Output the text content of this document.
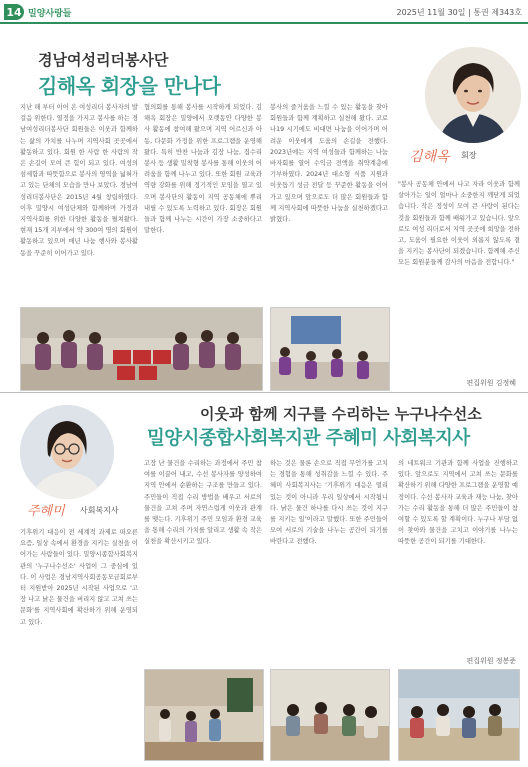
14 밀양사랑들	2025년 11월 30일 | 통권 제343호
경남여성리더봉사단
김해옥 회장을 만나다
김해옥 회장

지난 해 부터 이어 온 여성리더 봉사자의 발걸음 위한다. 열정을 가지고 봉사를 하는 경남여성리더봉사단 회원들은 이웃과 함께하는 삶의 가치를 나누며 지역사회 곳곳에서 활동하고 있다. 회원 한 사람 한 사람의 작은 손길이 모여 큰 힘이 되고 있다. 여성의 섬세함과 따뜻함으로 봉사의 영역을 넓혀가고 있는 단체의 모습을 만나 보았다. 경남여성리더봉사단은 2015년 4월 창립하였다. 이후 밀양시 여성단체와 함께하며 가정과 지역사회를 위한 다양한 활동을 펼쳐왔다. 현재 15개 지부에서 약 300여 명의 회원이 활동하고 있으며 매년 나눔 행사와 봉사활동을 꾸준히 이어가고 있다.

협의회를 통해 봉사를 시작하게 되었다. 김해옥 회장은 밀양에서 오랫동안 다양한 봉사 활동에 참여해 왔으며 지역 어르신과 아동, 다문화 가정을 위한 프로그램을 운영해 왔다. 특히 반찬 나눔과 김장 나눔, 집수리 봉사 등 생활 밀착형 봉사를 통해 이웃의 어려움을 함께 나누고 있다. 또한 회원 교육과 역량 강화를 위해 정기적인 모임을 열고 있으며 봉사단의 활동이 지역 공동체에 뿌리내릴 수 있도록 노력하고 있다. 회장은 회원들과 함께 나누는 시간이 가장 소중하다고 말한다.

봉사의 즐거움을 느낄 수 있는 활동을 찾아 회원들과 함께 계획하고 실천해 왔다. 코로나19 시기에도 비대면 나눔을 이어가며 어려운 이웃에게 도움의 손길을 전했다. 2023년에는 지역 여성들과 함께하는 나눔 바자회를 열어 수익금 전액을 취약계층에 기부하였다. 2024년 대소형 식품 지원과 이웃돕기 성금 전달 등 꾸준한 활동을 이어가고 있으며 앞으로도 더 많은 회원들과 함께 지역사회에 따뜻한 나눔을 실천하겠다고 밝혔다.

"봉사 공동체 안에서 나고 자라 이웃과 함께 살아가는 일이 얼마나 소중한지 깨닫게 되었습니다. 작은 정성이 모여 큰 사랑이 된다는 것을 회원들과 함께 배워가고 있습니다. 앞으로도 여성 리더로서 지역 곳곳에 희망을 전하고, 도움이 필요한 이웃이 외롭지 않도록 곁을 지키는 봉사단이 되겠습니다. 함께해 주신 모든 회원분들께 감사의 마음을 전합니다."

편집위원 김정혜
이웃과 함께 지구를 수리하는 누구나수선소
밀양시종합사회복지관 주혜미 사회복지사
주혜미 사회복지사

기후위기 대응이 전 세계적 과제로 떠오른 요즘, 일상 속에서 환경을 지키는 실천을 이어가는 사람들이 있다. 밀양시종합사회복지관의 '누구나수선소' 사업이 그 중심에 있다. 이 사업은 경남지역사회공동모금회로부터 지원받아 2025년 시작된 사업으로 '고장 나고 낡은 물건을 버리지 않고 고쳐 쓰는 문화'를 지역사회에 확산하기 위해 운영되고 있다.

고장 난 물건을 수리하는 과정에서 주민 참여를 이끌어 내고, 수선 봉사자를 양성하여 지역 안에서 순환하는 구조를 만들고 있다. 주민들이 직접 수리 방법을 배우고 서로의 물건을 고쳐 주며 자연스럽게 이웃과 관계를 맺는다. 기후위기 주민 모임과 환경 교육을 통해 수리의 가치를 알리고 생활 속 작은 실천을 확산시키고 있다.

하는 것은 물론 손으로 직접 무언가를 고치는 경험을 통해 성취감을 느낄 수 있다. 주혜미 사회복지사는 '기후위기 대응은 멀리 있는 것이 아니라 우리 일상에서 시작됩니다. 낡은 물건 하나를 다시 쓰는 것이 지구를 지키는 일'이라고 말했다. 또한 주민들이 모여 서로의 기술을 나누는 공간이 되기를 바란다고 전했다.

의 네트워크 기관과 함께 사업을 진행하고 있다. 앞으로도 지역에서 고쳐 쓰는 문화를 확산하기 위해 다양한 프로그램을 운영할 예정이다. 수선 봉사자 교육과 재능 나눔, 찾아가는 수리 활동을 통해 더 많은 주민들이 참여할 수 있도록 할 계획이다. 누구나 부담 없이 찾아와 물건을 고치고 이야기를 나누는 따뜻한 공간이 되기를 기대한다.

편집위원 정봉준
